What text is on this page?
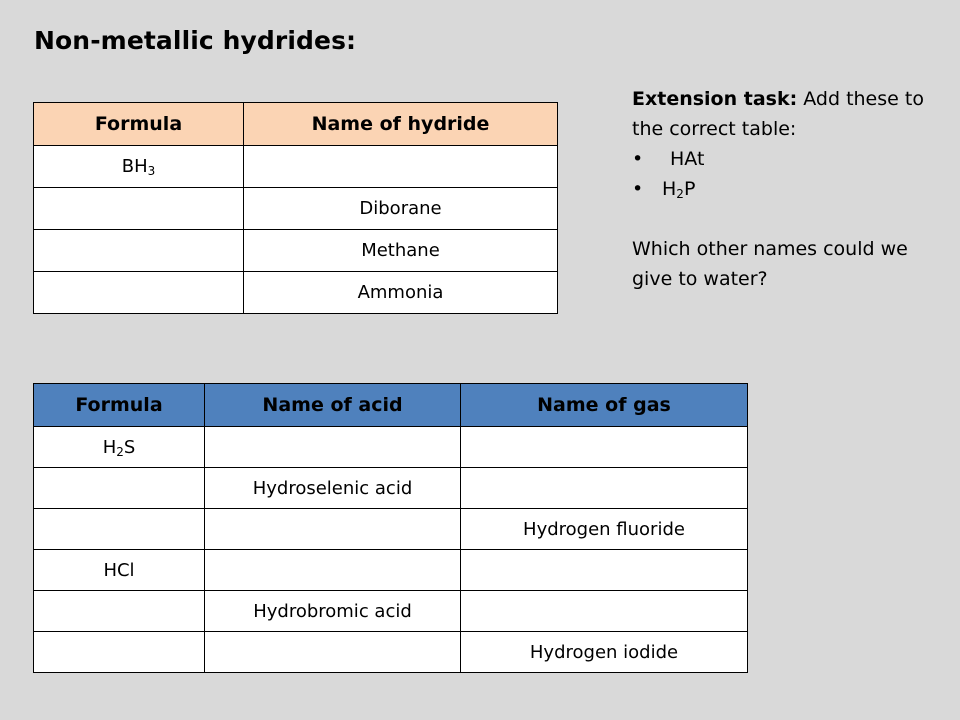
Non-metallic hydrides:

Extension task: Add these to the correct table:

• HAt
• $H_2P$

Which other names could we give to water?

Formula	Name of hydride
$BH_3$	
	Diborane
	Methane
	Ammonia
Formula	Name of acid	Name of gas
$H_2S$		
	Hydroselenic acid	
		Hydrogen fluoride
HCl		
	Hydrobromic acid	
		Hydrogen iodide
